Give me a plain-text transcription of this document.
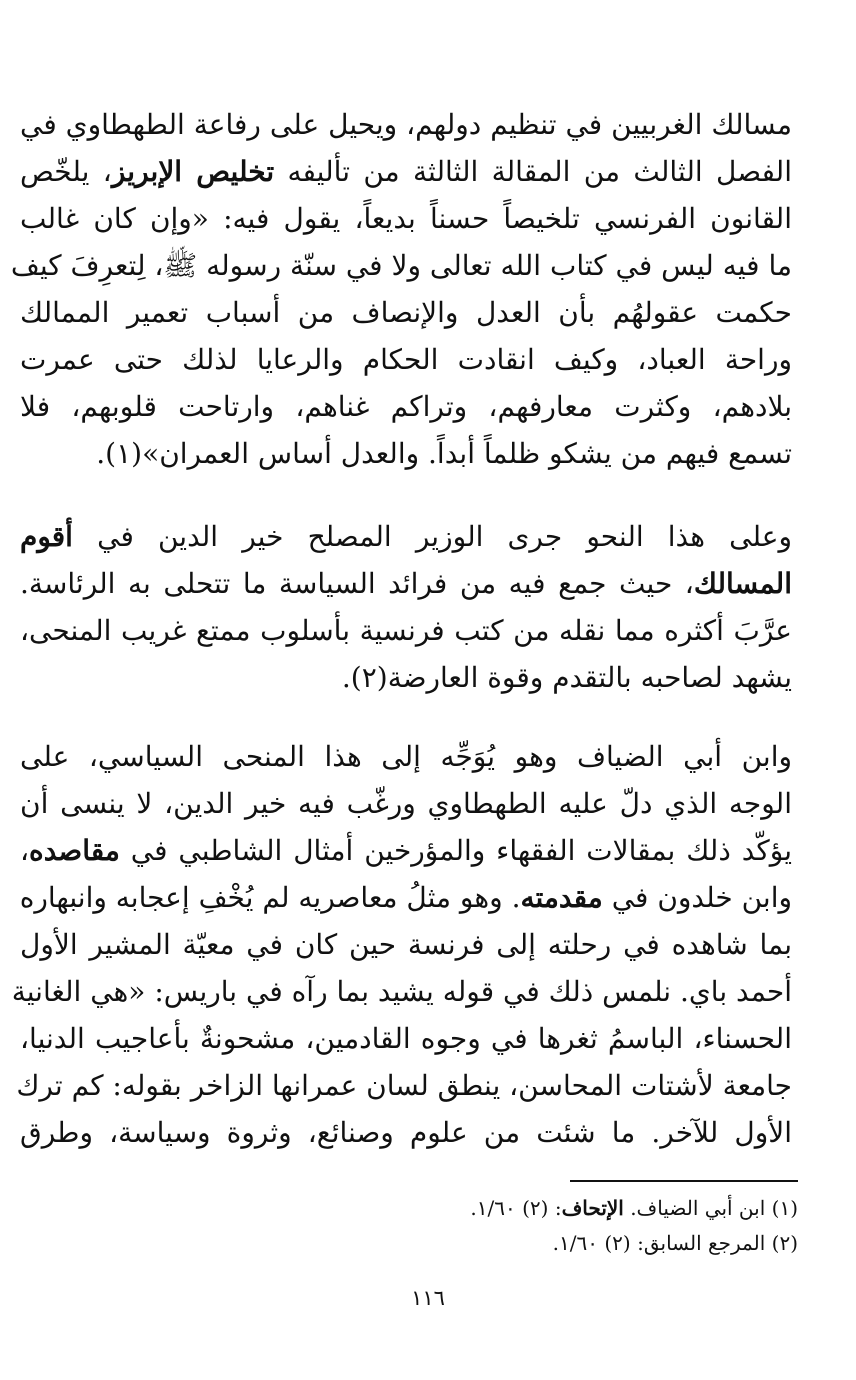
مسالك الغربيين في تنظيم دولهم، ويحيل على رفاعة الطهطاوي في
الفصل الثالث من المقالة الثالثة من تأليفه تخليص الإبريز، يلخّص
القانون الفرنسي تلخيصاً حسناً بديعاً، يقول فيه: «وإن كان غالب
ما فيه ليس في كتاب الله تعالى ولا في سنّة رسوله ﷺ، لِتعرِفَ كيف
حكمت عقولهُم بأن العدل والإنصاف من أسباب تعمير الممالك
وراحة العباد، وكيف انقادت الحكام والرعايا لذلك حتى عمرت
بلادهم، وكثرت معارفهم، وتراكم غناهم، وارتاحت قلوبهم، فلا
تسمع فيهم من يشكو ظلماً أبداً. والعدل أساس العمران»(١).
وعلى هذا النحو جرى الوزير المصلح خير الدين في أقوم
المسالك، حيث جمع فيه من فرائد السياسة ما تتحلى به الرئاسة.
عرَّبَ أكثره مما نقله من كتب فرنسية بأسلوب ممتع غريب المنحى،
يشهد لصاحبه بالتقدم وقوة العارضة(٢).
وابن أبي الضياف وهو يُوَجِّه إلى هذا المنحى السياسي، على
الوجه الذي دلّ عليه الطهطاوي ورغّب فيه خير الدين، لا ينسى أن
يؤكّد ذلك بمقالات الفقهاء والمؤرخين أمثال الشاطبي في مقاصده،
وابن خلدون في مقدمته. وهو مثلُ معاصريه لم يُخْفِ إعجابه وانبهاره
بما شاهده في رحلته إلى فرنسة حين كان في معيّة المشير الأول
أحمد باي. نلمس ذلك في قوله يشيد بما رآه في باريس: «هي الغانية
الحسناء، الباسمُ ثغرها في وجوه القادمين، مشحونةٌ بأعاجيب الدنيا،
جامعة لأشتات المحاسن، ينطق لسان عمرانها الزاخر بقوله: كم ترك
الأول للآخر. ما شئت من علوم وصنائع، وثروة وسياسة، وطرق
(١) ابن أبي الضياف. الإتحاف: (٢) ١/٦٠.
(٢) المرجع السابق: (٢) ١/٦٠.
١١٦
